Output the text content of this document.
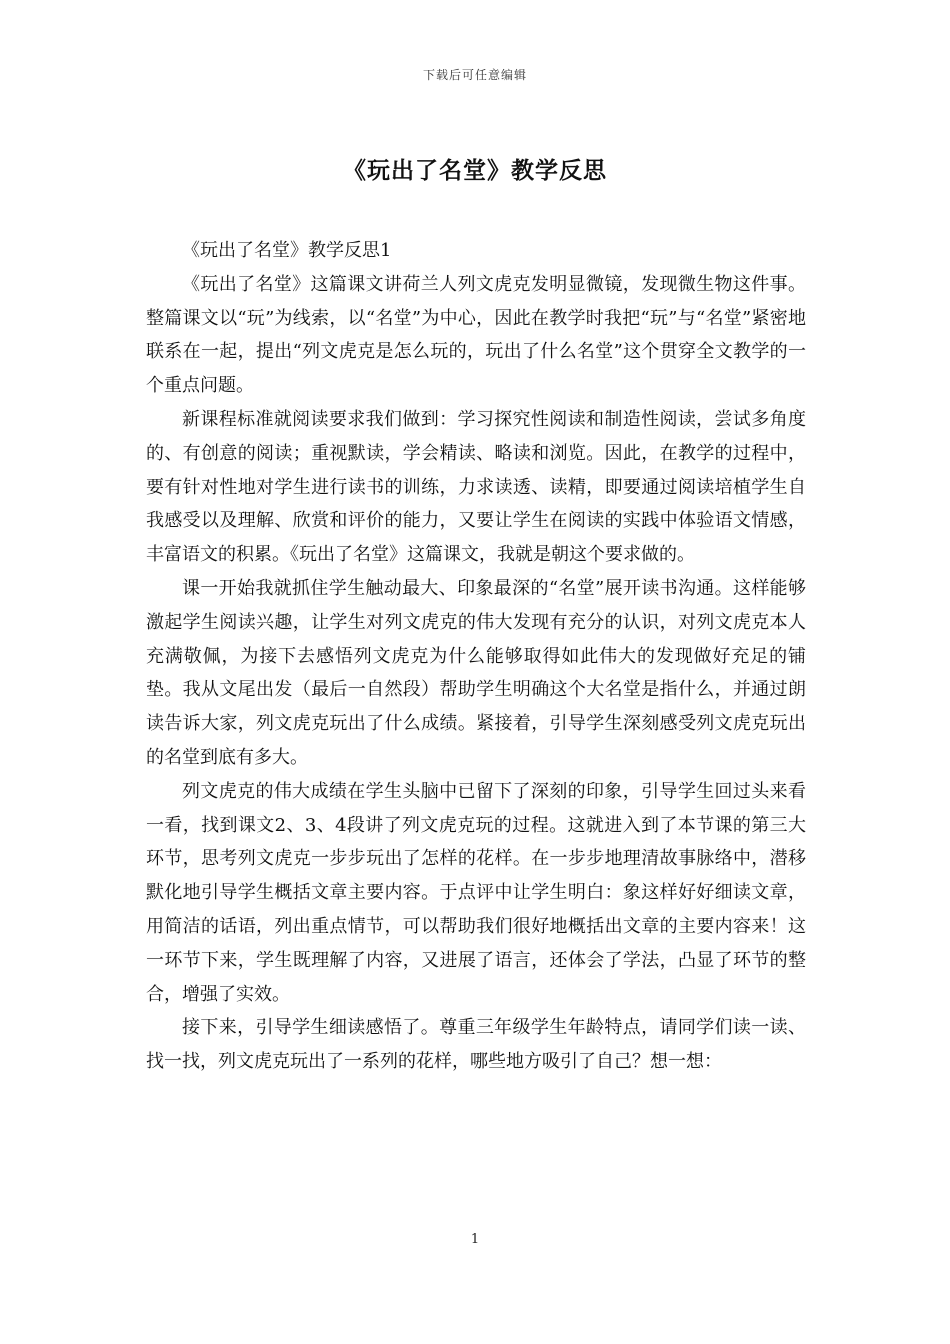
下载后可任意编辑
《玩出了名堂》教学反思

《玩出了名堂》教学反思1

《玩出了名堂》这篇课文讲荷兰人列文虎克发明显微镜，发现微生物这件事。整篇课文以“玩”为线索，以“名堂”为中心，因此在教学时我把“玩”与“名堂”紧密地联系在一起，提出“列文虎克是怎么玩的，玩出了什么名堂”这个贯穿全文教学的一个重点问题。

新课程标准就阅读要求我们做到：学习探究性阅读和制造性阅读，尝试多角度的、有创意的阅读；重视默读，学会精读、略读和浏览。因此，在教学的过程中，要有针对性地对学生进行读书的训练，力求读透、读精，即要通过阅读培植学生自我感受以及理解、欣赏和评价的能力，又要让学生在阅读的实践中体验语文情感，丰富语文的积累。《玩出了名堂》这篇课文，我就是朝这个要求做的。

课一开始我就抓住学生触动最大、印象最深的“名堂”展开读书沟通。这样能够激起学生阅读兴趣，让学生对列文虎克的伟大发现有充分的认识，对列文虎克本人充满敬佩，为接下去感悟列文虎克为什么能够取得如此伟大的发现做好充足的铺垫。我从文尾出发（最后一自然段）帮助学生明确这个大名堂是指什么，并通过朗读告诉大家，列文虎克玩出了什么成绩。紧接着，引导学生深刻感受列文虎克玩出的名堂到底有多大。

列文虎克的伟大成绩在学生头脑中已留下了深刻的印象，引导学生回过头来看一看，找到课文2、3、4段讲了列文虎克玩的过程。这就进入到了本节课的第三大环节，思考列文虎克一步步玩出了怎样的花样。在一步步地理清故事脉络中，潜移默化地引导学生概括文章主要内容。于点评中让学生明白：象这样好好细读文章，用简洁的话语，列出重点情节，可以帮助我们很好地概括出文章的主要内容来！这一环节下来，学生既理解了内容，又进展了语言，还体会了学法，凸显了环节的整合，增强了实效。

接下来，引导学生细读感悟了。尊重三年级学生年龄特点，请同学们读一读、找一找，列文虎克玩出了一系列的花样，哪些地方吸引了自己？想一想：

1
